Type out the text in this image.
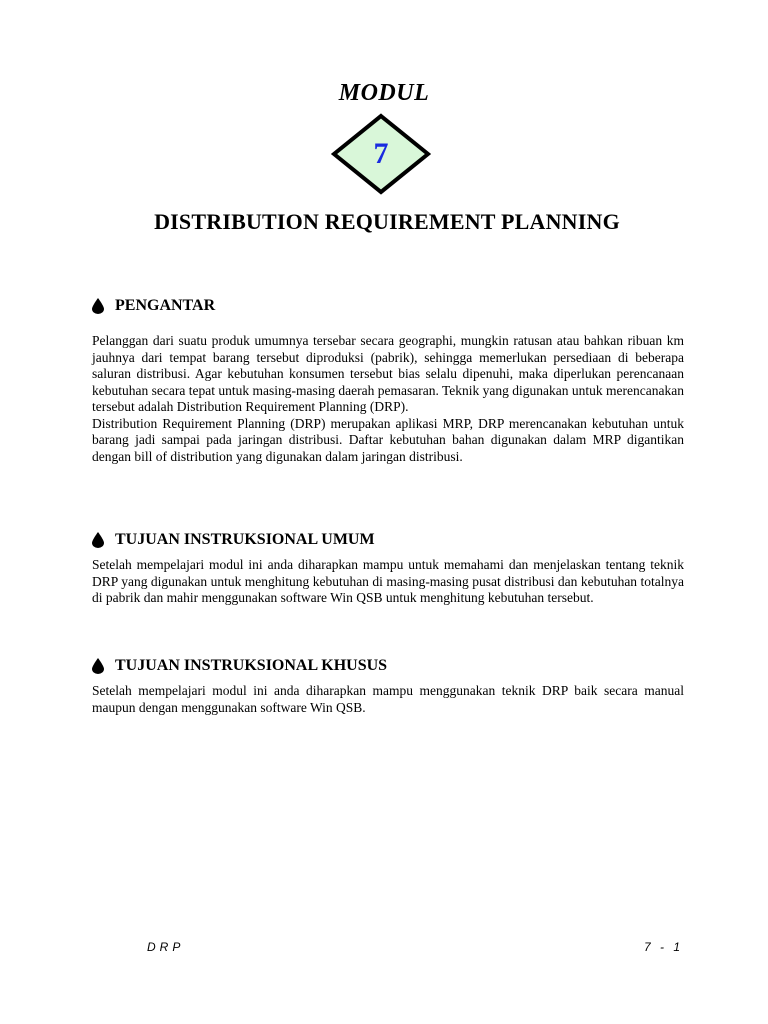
MODUL
7
DISTRIBUTION REQUIREMENT PLANNING
PENGANTAR

Pelanggan dari suatu produk umumnya tersebar secara geographi, mungkin ratusan atau bahkan ribuan km jauhnya dari tempat barang tersebut diproduksi (pabrik), sehingga memerlukan persediaan di beberapa saluran distribusi. Agar kebutuhan konsumen tersebut bias selalu dipenuhi, maka diperlukan perencanaan kebutuhan secara tepat untuk masing-masing daerah pemasaran. Teknik yang digunakan untuk merencanakan tersebut adalah Distribution Requirement Planning (DRP).

Distribution Requirement Planning (DRP) merupakan aplikasi MRP, DRP merencanakan kebutuhan untuk barang jadi sampai pada jaringan distribusi. Daftar kebutuhan bahan digunakan dalam MRP digantikan dengan bill of distribution yang digunakan dalam jaringan distribusi.

TUJUAN INSTRUKSIONAL UMUM

Setelah mempelajari modul ini anda diharapkan mampu untuk memahami dan menjelaskan tentang teknik DRP yang digunakan untuk menghitung kebutuhan di masing-masing pusat distribusi dan kebutuhan totalnya di pabrik dan mahir menggunakan software Win QSB untuk menghitung kebutuhan tersebut.

TUJUAN INSTRUKSIONAL KHUSUS

Setelah mempelajari modul ini anda diharapkan mampu menggunakan teknik DRP baik secara manual maupun dengan menggunakan software Win QSB.

DRP	7 - 1
